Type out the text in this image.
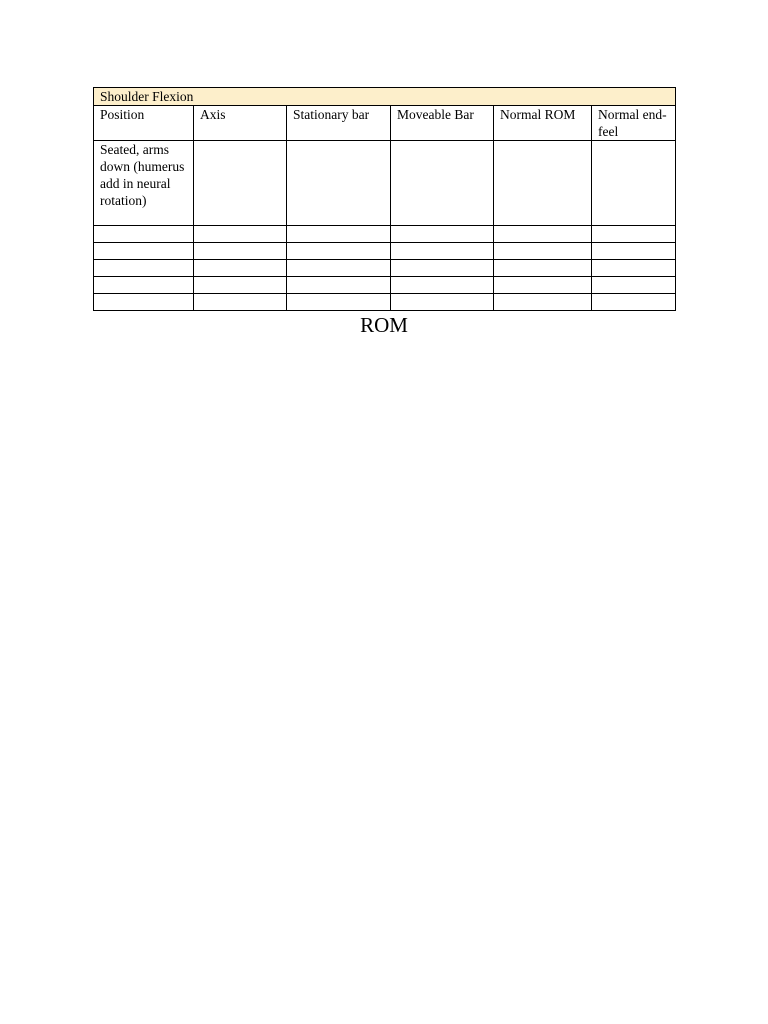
Shoulder Flexion					
Position	Axis	Stationary bar	Moveable Bar	Normal ROM	Normal end-feel
Seated, arms down (humerus add in neural rotation)					

ROM
